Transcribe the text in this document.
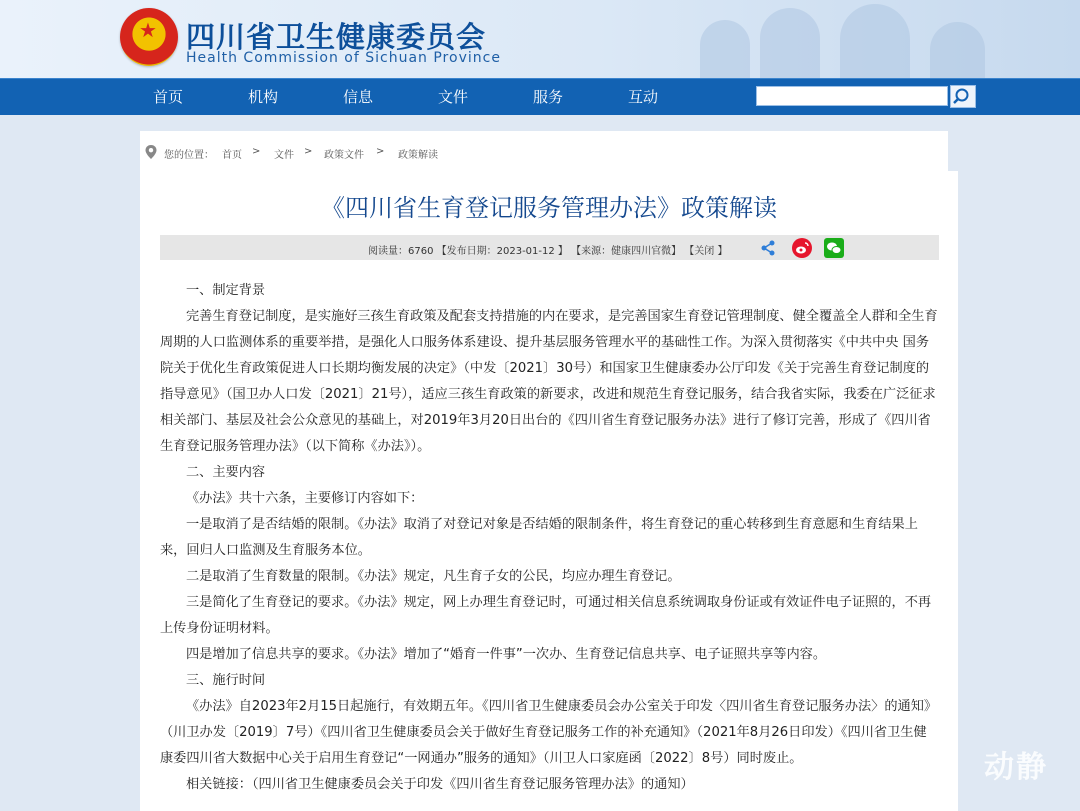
★
四川省卫生健康委员会
Health Commission of Sichuan Province
首页	机构	信息	文件	服务	互动
您的位置： 首页 > 文件 > 政策文件 > 政策解读
《四川省生育登记服务管理办法》政策解读
阅读量：6760 【发布日期：2023-01-12 】 【来源：健康四川官微】 【关闭 】

一、制定背景

完善生育登记制度，是实施好三孩生育政策及配套支持措施的内在要求，是完善国家生育登记管理制度、健全覆盖全人群和全生育周期的人口监测体系的重要举措，是强化人口服务体系建设、提升基层服务管理水平的基础性工作。为深入贯彻落实《中共中央 国务院关于优化生育政策促进人口长期均衡发展的决定》（中发〔2021〕30号）和国家卫生健康委办公厅印发《关于完善生育登记制度的指导意见》（国卫办人口发〔2021〕21号），适应三孩生育政策的新要求，改进和规范生育登记服务，结合我省实际，我委在广泛征求相关部门、基层及社会公众意见的基础上，对2019年3月20日出台的《四川省生育登记服务办法》进行了修订完善，形成了《四川省生育登记服务管理办法》（以下简称《办法》）。

二、主要内容

《办法》共十六条，主要修订内容如下：

一是取消了是否结婚的限制。《办法》取消了对登记对象是否结婚的限制条件，将生育登记的重心转移到生育意愿和生育结果上来，回归人口监测及生育服务本位。

二是取消了生育数量的限制。《办法》规定，凡生育子女的公民，均应办理生育登记。

三是简化了生育登记的要求。《办法》规定，网上办理生育登记时，可通过相关信息系统调取身份证或有效证件电子证照的，不再上传身份证明材料。

四是增加了信息共享的要求。《办法》增加了“婚育一件事”一次办、生育登记信息共享、电子证照共享等内容。

三、施行时间

《办法》自2023年2月15日起施行，有效期五年。《四川省卫生健康委员会办公室关于印发〈四川省生育登记服务办法〉的通知》（川卫办发〔2019〕7号）《四川省卫生健康委员会关于做好生育登记服务工作的补充通知》（2021年8月26日印发）《四川省卫生健康委四川省大数据中心关于启用生育登记“一网通办”服务的通知》（川卫人口家庭函〔2022〕8号）同时废止。

相关链接：（四川省卫生健康委员会关于印发《四川省生育登记服务管理办法》的通知）	动静
